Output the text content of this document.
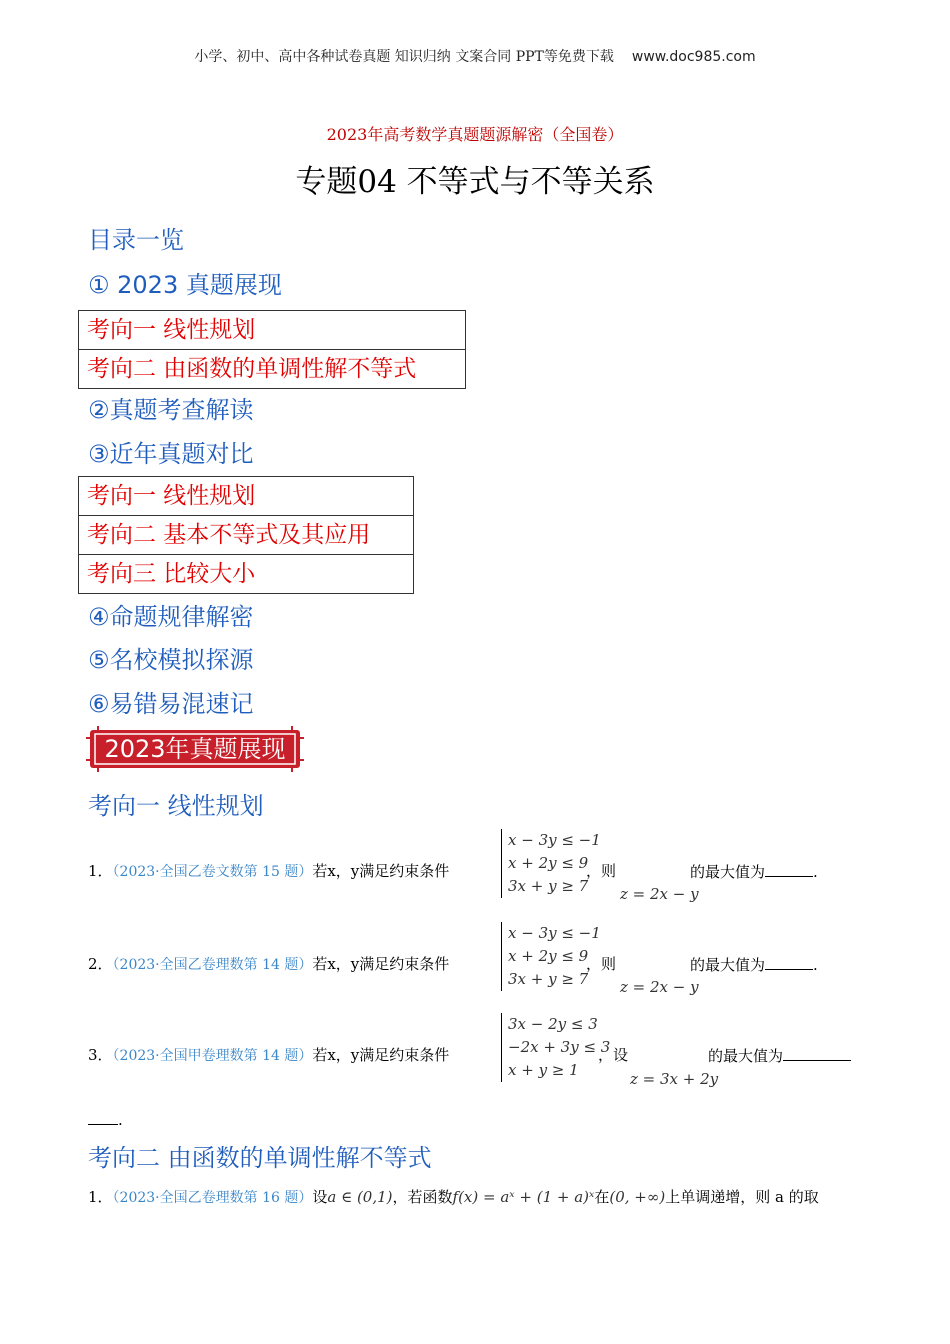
小学、初中、高中各种试卷真题 知识归纳 文案合同 PPT等免费下载 www.doc985.com
2023年高考数学真题题源解密（全国卷）
专题04 不等式与不等关系
目录一览
① 2023 真题展现
考向一 线性规划
考向二 由函数的单调性解不等式
②真题考查解读
③近年真题对比
考向一 线性规划
考向二 基本不等式及其应用
考向三 比较大小
④命题规律解密
⑤名校模拟探源
⑥易错易混速记
2023年真题展现
考向一 线性规划
1．（2023·全国乙卷文数第 15 题）若x，y满足约束条件
x − 3y ≤ −1
x + 2y ≤ 9
3x + y ≥ 7
，则
z = 2x − y
的最大值为	.
2．（2023·全国乙卷理数第 14 题）若x，y满足约束条件
x − 3y ≤ −1
x + 2y ≤ 9
3x + y ≥ 7
，则
z = 2x − y
的最大值为	.
3．（2023·全国甲卷理数第 14 题）若x，y满足约束条件
3x − 2y ≤ 3
−2x + 3y ≤ 3
x + y ≥ 1
，设
z = 3x + 2y
的最大值为
.
考向二 由函数的单调性解不等式
1．（2023·全国乙卷理数第 16 题）设a ∈ (0,1)，若函数f(x) = aˣ + (1 + a)ˣ在(0, +∞)上单调递增，则 a 的取
